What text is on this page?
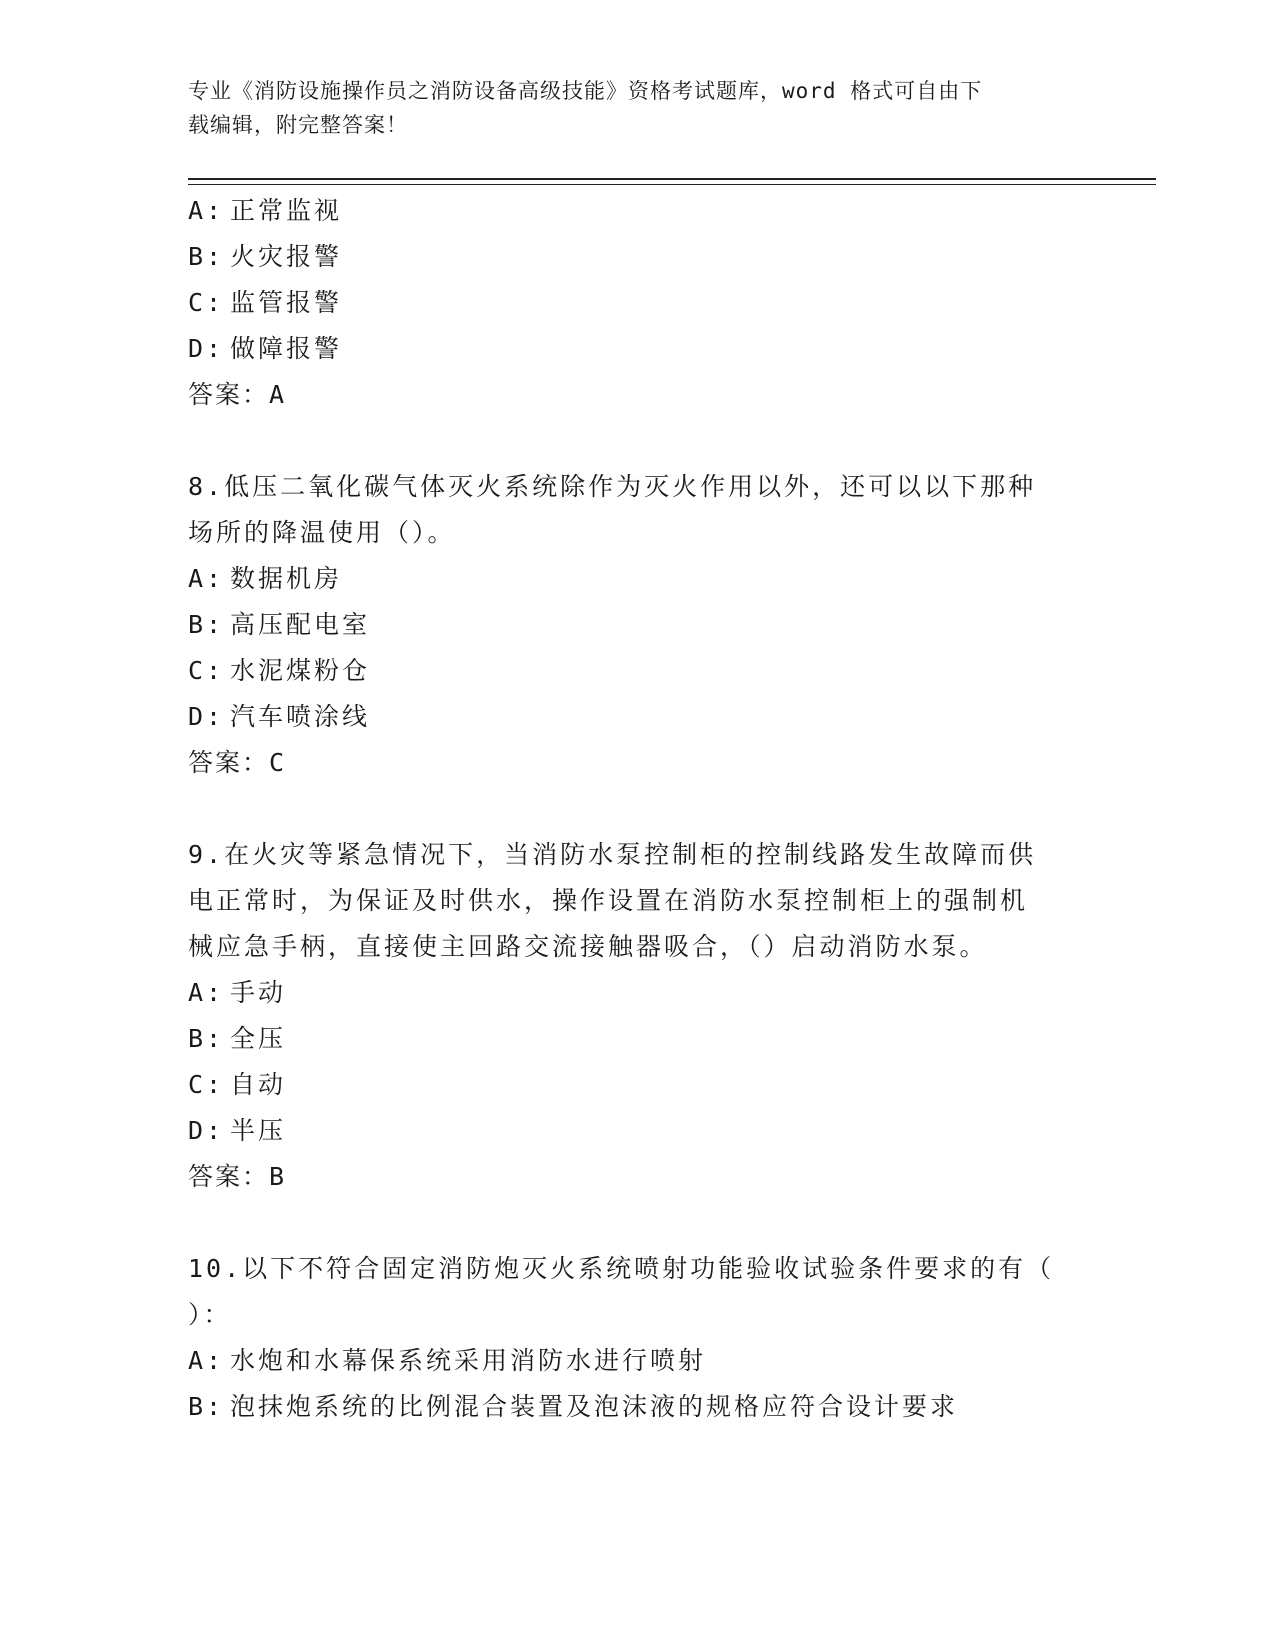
专业《消防设施操作员之消防设备高级技能》资格考试题库，word 格式可自由下
载编辑，附完整答案！
A: 正常监视
B: 火灾报警
C: 监管报警
D: 做障报警
答案：A
8.低压二氧化碳气体灭火系统除作为灭火作用以外，还可以以下那种
场所的降温使用（）。
A: 数据机房
B: 高压配电室
C: 水泥煤粉仓
D: 汽车喷涂线
答案：C
9.在火灾等紧急情况下，当消防水泵控制柜的控制线路发生故障而供
电正常时，为保证及时供水，操作设置在消防水泵控制柜上的强制机
械应急手柄，直接使主回路交流接触器吸合，（）启动消防水泵。
A: 手动
B: 全压
C: 自动
D: 半压
答案：B
10.以下不符合固定消防炮灭火系统喷射功能验收试验条件要求的有（
）：
A: 水炮和水幕保系统采用消防水进行喷射
B: 泡抹炮系统的比例混合装置及泡沫液的规格应符合设计要求
